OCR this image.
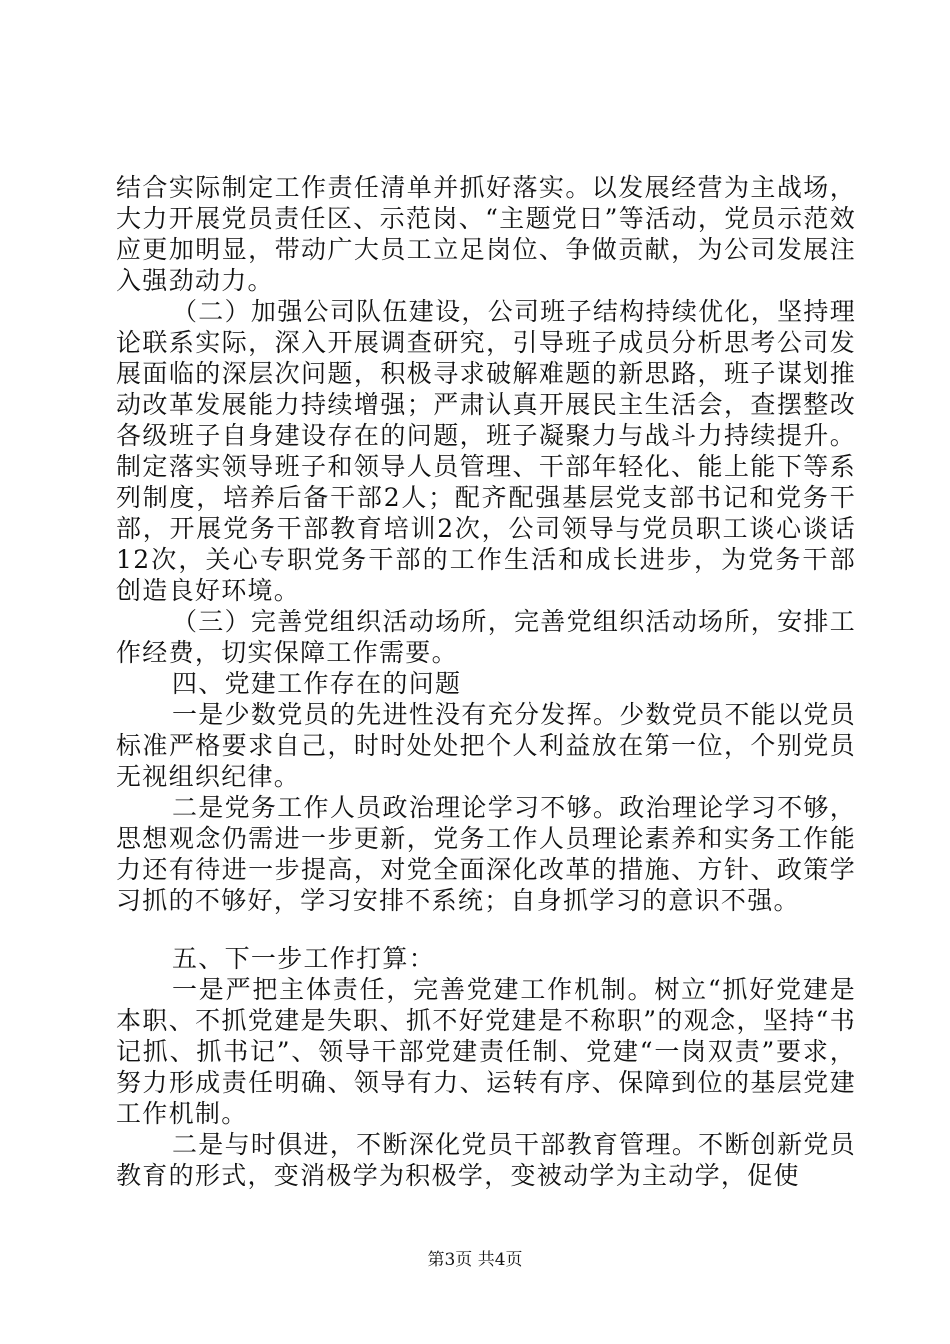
结合实际制定工作责任清单并抓好落实。以发展经营为主战场，大力开展党员责任区、示范岗、“主题党日”等活动，党员示范效应更加明显，带动广大员工立足岗位、争做贡献，为公司发展注入强劲动力。

（二）加强公司队伍建设，公司班子结构持续优化，坚持理论联系实际，深入开展调查研究，引导班子成员分析思考公司发展面临的深层次问题，积极寻求破解难题的新思路，班子谋划推动改革发展能力持续增强；严肃认真开展民主生活会，查摆整改各级班子自身建设存在的问题，班子凝聚力与战斗力持续提升。制定落实领导班子和领导人员管理、干部年轻化、能上能下等系列制度，培养后备干部2人；配齐配强基层党支部书记和党务干部，开展党务干部教育培训2次，公司领导与党员职工谈心谈话12次，关心专职党务干部的工作生活和成长进步，为党务干部创造良好环境。

（三）完善党组织活动场所，完善党组织活动场所，安排工作经费，切实保障工作需要。

四、党建工作存在的问题

一是少数党员的先进性没有充分发挥。少数党员不能以党员标准严格要求自己，时时处处把个人利益放在第一位，个别党员无视组织纪律。

二是党务工作人员政治理论学习不够。政治理论学习不够，思想观念仍需进一步更新，党务工作人员理论素养和实务工作能力还有待进一步提高，对党全面深化改革的措施、方针、政策学习抓的不够好，学习安排不系统；自身抓学习的意识不强。

五、下一步工作打算：

一是严把主体责任，完善党建工作机制。树立“抓好党建是本职、不抓党建是失职、抓不好党建是不称职”的观念，坚持“书记抓、抓书记”、领导干部党建责任制、党建“一岗双责”要求，努力形成责任明确、领导有力、运转有序、保障到位的基层党建工作机制。

二是与时俱进，不断深化党员干部教育管理。不断创新党员教育的形式，变消极学为积极学，变被动学为主动学，促使

第3页 共4页
